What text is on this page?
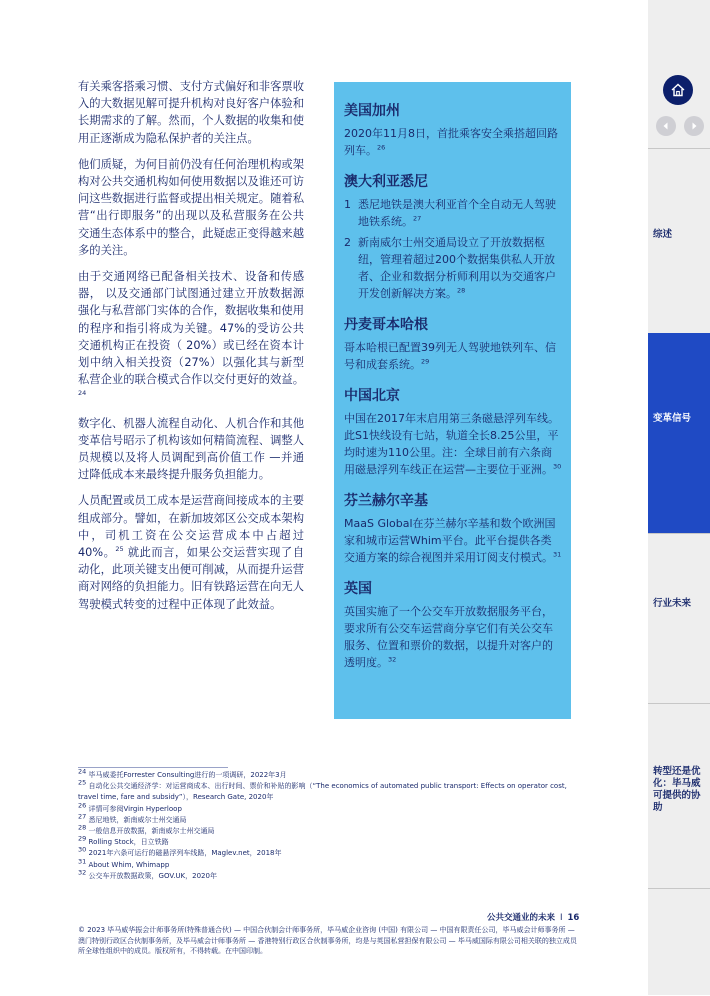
有关乘客搭乘习惯、支付方式偏好和非客票收入的大数据见解可提升机构对良好客户体验和长期需求的了解。然而，个人数据的收集和使用正逐渐成为隐私保护者的关注点。

他们质疑，为何目前仍没有任何治理机构或架构对公共交通机构如何使用数据以及谁还可访问这些数据进行监督或提出相关规定。随着私营“出行即服务”的出现以及私营服务在公共交通生态体系中的整合，此疑虑正变得越来越多的关注。

由于交通网络已配备相关技术、设备和传感器， 以及交通部门试图通过建立开放数据源强化与私营部门实体的合作，数据收集和使用的程序和指引将成为关键。47%的受访公共交通机构正在投资（ 20%）或已经在资本计划中纳入相关投资（27%）以强化其与新型私营企业的联合模式合作以交付更好的效益。$^{24}$

数字化、机器人流程自动化、人机合作和其他变革信号昭示了机构该如何精简流程、调整人员规模以及将人员调配到高价值工作 —并通过降低成本来最终提升服务负担能力。

人员配置或员工成本是运营商间接成本的主要组成部分。譬如，在新加坡郊区公交成本架构中，司机工资在公交运营成本中占超过40%。$^{25}$ 就此而言，如果公交运营实现了自动化，此项关键支出便可削减，从而提升运营商对网络的负担能力。旧有铁路运营在向无人驾驶模式转变的过程中正体现了此效益。

美国加州
2020年11月8日，首批乘客安全乘搭超回路列车。$^{26}$
澳大利亚悉尼
1 悉尼地铁是澳大利亚首个全自动无人驾驶地铁系统。$^{27}$
2 新南威尔士州交通局设立了开放数据枢纽，管理着超过200个数据集供私人开放者、企业和数据分析师利用以为交通客户开发创新解决方案。$^{28}$
丹麦哥本哈根
哥本哈根已配置39列无人驾驶地铁列车、信号和成套系统。$^{29}$
中国北京
中国在2017年末启用第三条磁悬浮列车线。此S1快线设有七站，轨道全长8.25公里，平均时速为110公里。注：全球目前有六条商用磁悬浮列车线正在运营—主要位于亚洲。$^{30}$
芬兰赫尔辛基
MaaS Global在芬兰赫尔辛基和数个欧洲国家和城市运营Whim平台。此平台提供各类交通方案的综合视图并采用订阅支付模式。$^{31}$
英国
英国实施了一个公交车开放数据服务平台，要求所有公交车运营商分享它们有关公交车服务、位置和票价的数据，以提升对客户的透明度。$^{32}$
$^{24}$ 毕马威委托Forrester Consulting进行的一项调研，2022年3月
$^{25}$ 自动化公共交通经济学：对运营商成本、出行时间、票价和补贴的影响（“The economics of automated public transport: Effects on operator cost, travel time, fare and subsidy”），Research Gate, 2020年
$^{26}$ 详情可参阅Virgin Hyperloop
$^{27}$ 悉尼地铁，新南威尔士州交通局
$^{28}$ 一般信息开放数据，新南威尔士州交通局
$^{29}$ Rolling Stock，日立铁路
$^{30}$ 2021年六条可运行的磁悬浮列车线路，Maglev.net，2018年
$^{31}$ About Whim, Whimapp
$^{32}$ 公交车开放数据政策，GOV.UK，2020年
公共交通业的未来 I 16
© 2023 毕马威华振会计师事务所(特殊普通合伙) — 中国合伙制会计师事务所，毕马威企业咨询 (中国) 有限公司 — 中国有限责任公司，毕马威会计师事务所 — 澳门特别行政区合伙制事务所，及毕马威会计师事务所 — 香港特别行政区合伙制事务所，均是与英国私营担保有限公司 — 毕马威国际有限公司相关联的独立成员所全球性组织中的成员。版权所有，不得转载。在中国印制。
综述
变革信号
行业未来
转型还是优化：毕马威可提供的协助
